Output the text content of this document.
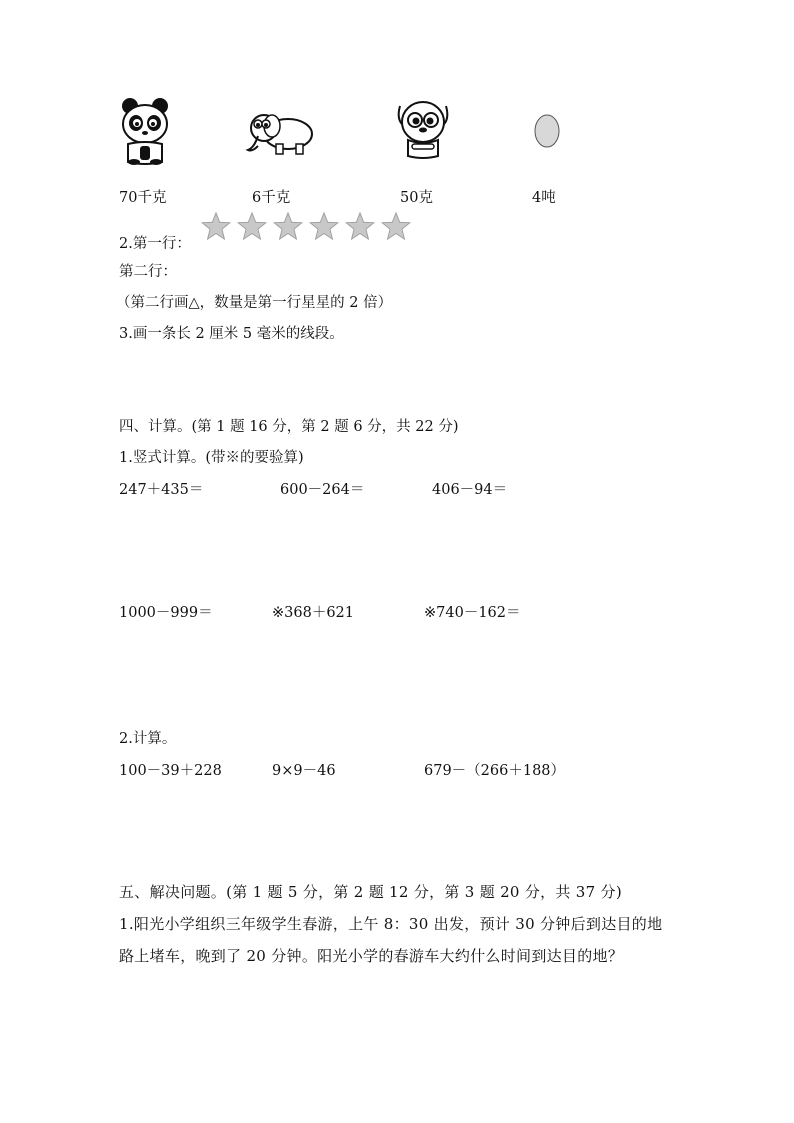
70千克	6千克	50克	4吨
2.第一行：
第二行：
（第二行画△，数量是第一行星星的 2 倍）
3.画一条长 2 厘米 5 毫米的线段。
四、计算。(第 1 题 16 分，第 2 题 6 分，共 22 分)
1.竖式计算。(带※的要验算)
247＋435＝	600－264＝	406－94＝
1000－999＝	※368＋621	※740－162＝
2.计算。
100－39＋228	9×9－46	679－（266＋188）
五、解决问题。(第 1 题 5 分，第 2 题 12 分，第 3 题 20 分，共 37 分)
1.阳光小学组织三年级学生春游，上午 8：30 出发，预计 30 分钟后到达目的地
路上堵车，晚到了 20 分钟。阳光小学的春游车大约什么时间到达目的地？
